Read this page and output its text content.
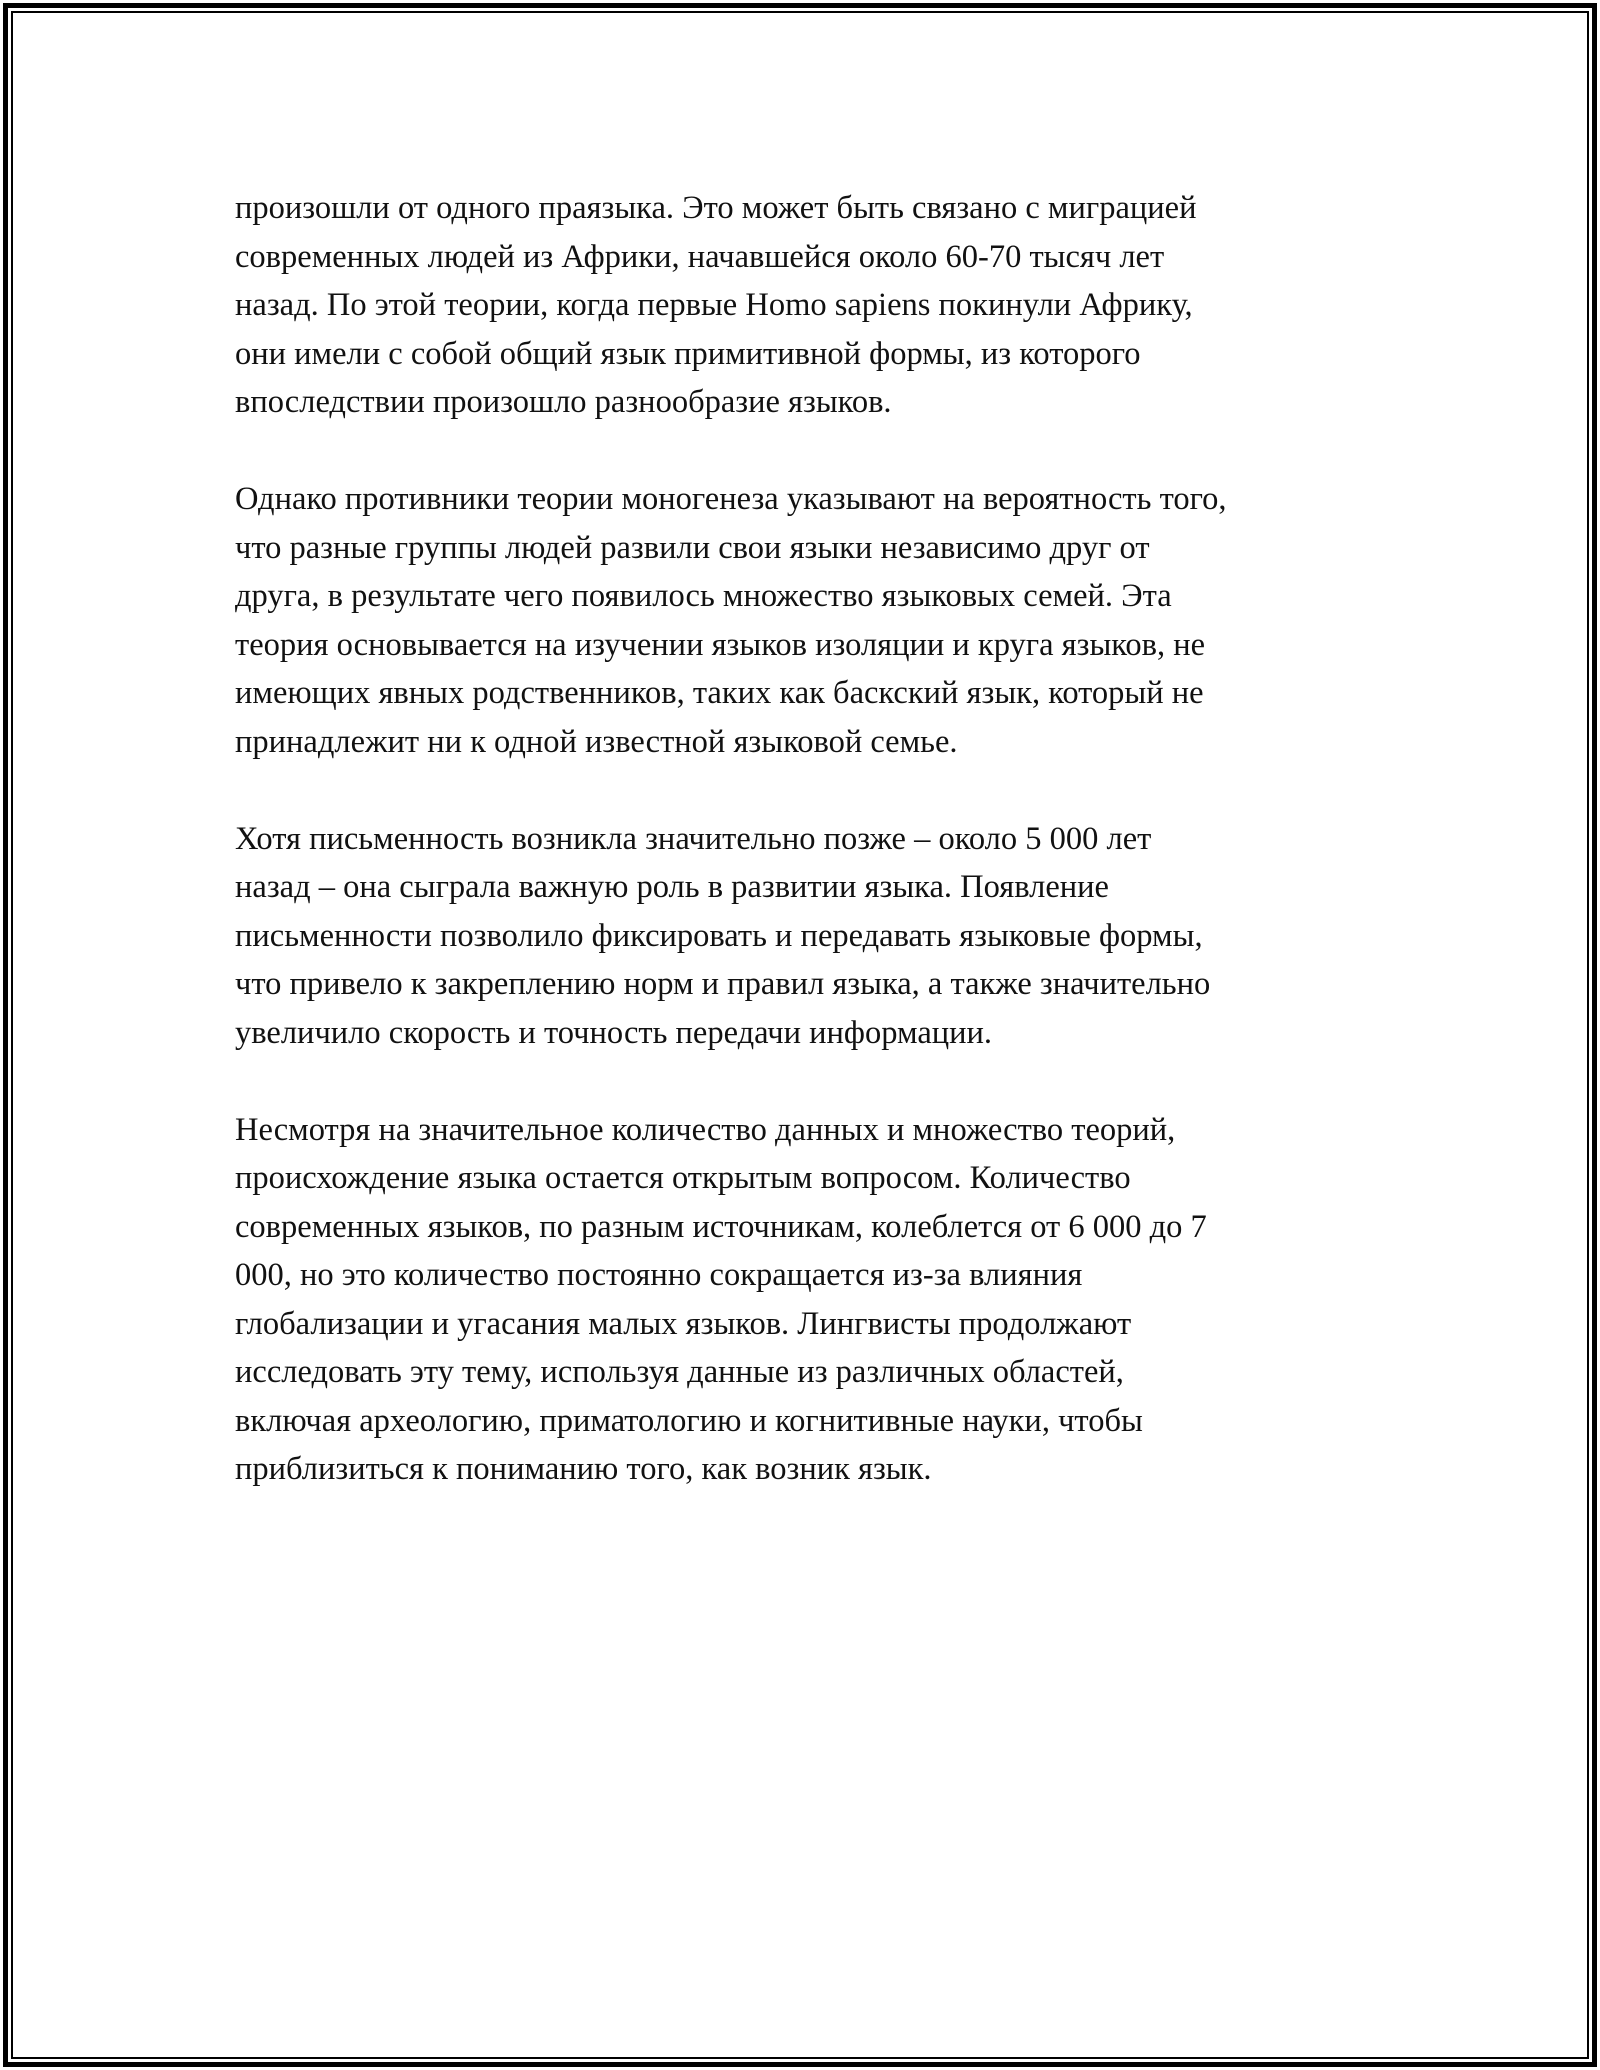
произошли от одного праязыка. Это может быть связано с миграцией
современных людей из Африки, начавшейся около 60-70 тысяч лет
назад. По этой теории, когда первые Homo sapiens покинули Африку,
они имели с собой общий язык примитивной формы, из которого
впоследствии произошло разнообразие языков.

Однако противники теории моногенеза указывают на вероятность того,
что разные группы людей развили свои языки независимо друг от
друга, в результате чего появилось множество языковых семей. Эта
теория основывается на изучении языков изоляции и круга языков, не
имеющих явных родственников, таких как баскский язык, который не
принадлежит ни к одной известной языковой семье.

Хотя письменность возникла значительно позже – около 5 000 лет
назад – она сыграла важную роль в развитии языка. Появление
письменности позволило фиксировать и передавать языковые формы,
что привело к закреплению норм и правил языка, а также значительно
увеличило скорость и точность передачи информации.

Несмотря на значительное количество данных и множество теорий,
происхождение языка остается открытым вопросом. Количество
современных языков, по разным источникам, колеблется от 6 000 до 7
000, но это количество постоянно сокращается из-за влияния
глобализации и угасания малых языков. Лингвисты продолжают
исследовать эту тему, используя данные из различных областей,
включая археологию, приматологию и когнитивные науки, чтобы
приблизиться к пониманию того, как возник язык.
